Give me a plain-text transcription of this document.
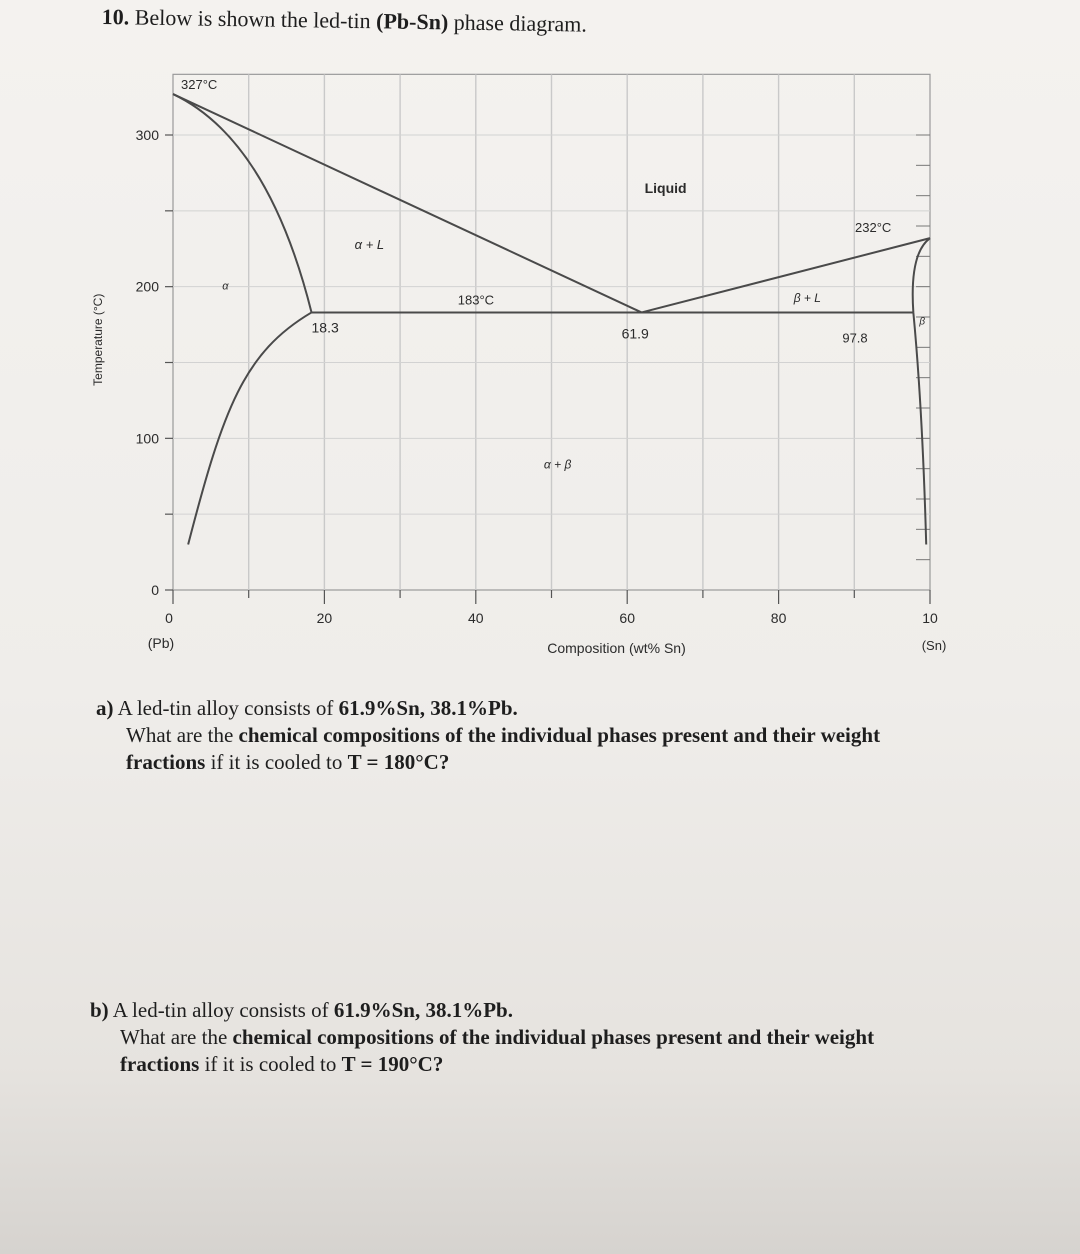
10. Below is shown the led-tin (Pb-Sn) phase diagram.
0
100
200
300
0	20	40	60	80	10
(Pb)	(Sn)
Composition (wt% Sn)
Temperature (°C)
327°C
232°C
183°C
18.3	61.9	97.8
Liquid
α + L
β + L
α
β
α + β
a) A led-tin alloy consists of 61.9%Sn, 38.1%Pb.
What are the chemical compositions of the individual phases present and their weight
fractions if it is cooled to T = 180°C?
b) A led-tin alloy consists of 61.9%Sn, 38.1%Pb.
What are the chemical compositions of the individual phases present and their weight
fractions if it is cooled to T = 190°C?
